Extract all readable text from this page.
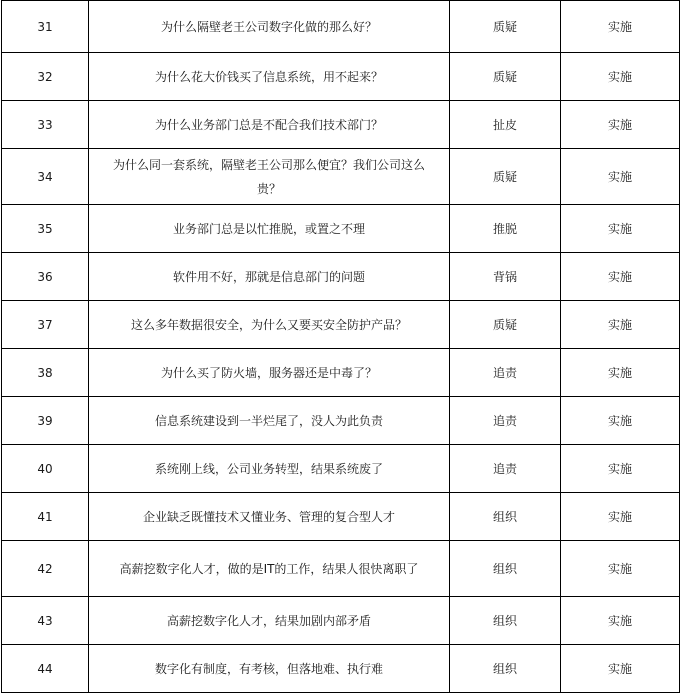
31	为什么隔壁老王公司数字化做的那么好？	质疑	实施
32	为什么花大价钱买了信息系统，用不起来？	质疑	实施
33	为什么业务部门总是不配合我们技术部门？	扯皮	实施
34	为什么同一套系统，隔壁老王公司那么便宜？我们公司这么贵？	质疑	实施
35	业务部门总是以忙推脱，或置之不理	推脱	实施
36	软件用不好，那就是信息部门的问题	背锅	实施
37	这么多年数据很安全，为什么又要买安全防护产品？	质疑	实施
38	为什么买了防火墙，服务器还是中毒了？	追责	实施
39	信息系统建设到一半烂尾了，没人为此负责	追责	实施
40	系统刚上线，公司业务转型，结果系统废了	追责	实施
41	企业缺乏既懂技术又懂业务、管理的复合型人才	组织	实施
42	高薪挖数字化人才，做的是IT的工作，结果人很快离职了	组织	实施
43	高薪挖数字化人才，结果加剧内部矛盾	组织	实施
44	数字化有制度，有考核，但落地难、执行难	组织	实施
